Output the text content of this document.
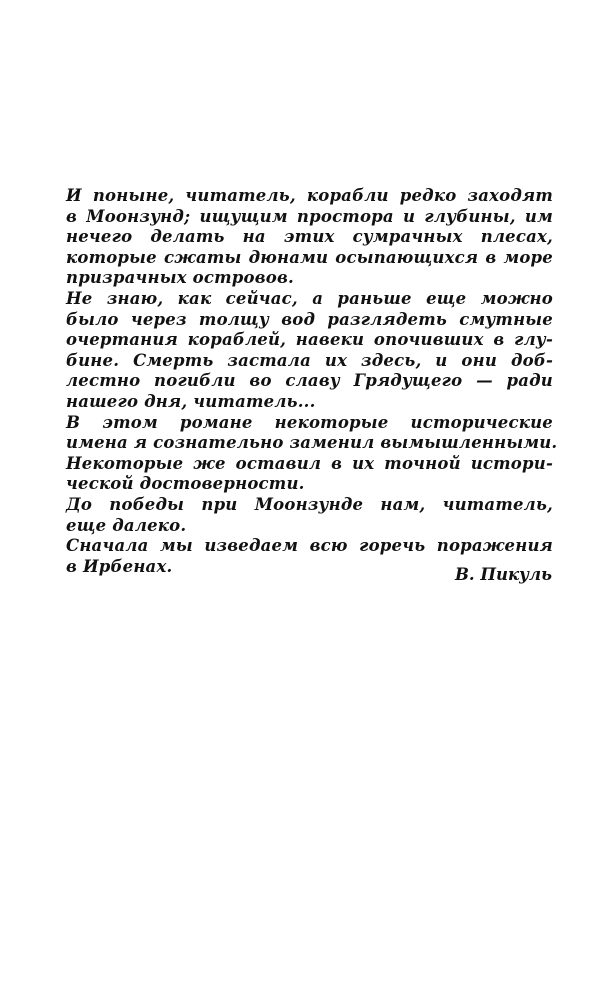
И поныне, читатель, корабли редко заходят
в Моонзунд; ищущим простора и глубины, им
нечего делать на этих сумрачных плесах,
которые сжаты дюнами осыпающихся в море
призрачных островов.

Не знаю, как сейчас, а раньше еще можно
было через толщу вод разглядеть смутные
очертания кораблей, навеки опочивших в глу-
бине. Смерть застала их здесь, и они доб-
лестно погибли во славу Грядущего — ради
нашего дня, читатель...

В этом романе некоторые исторические
имена я сознательно заменил вымышленными.
Некоторые же оставил в их точной истори-
ческой достоверности.

До победы при Моонзунде нам, читатель,
еще далеко.

Сначала мы изведаем всю горечь поражения
в Ирбенах.	В. Пикуль
